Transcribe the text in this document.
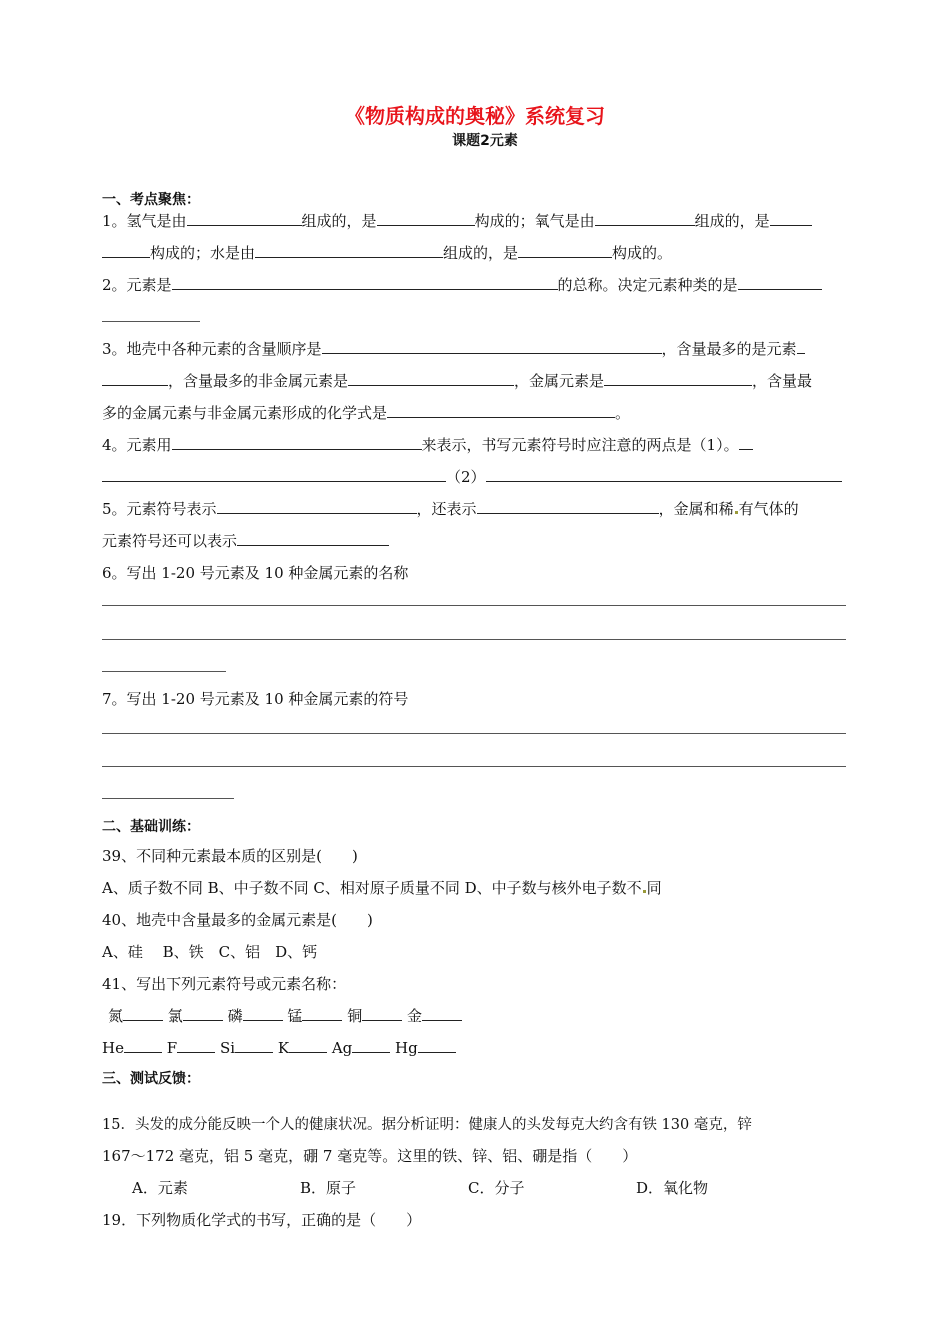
《物质构成的奥秘》系统复习
课题2元素
一、考点聚焦：
1。氢气是由	组成的，是	构成的；氧气是由	组成的，是
构成的；水是由	组成的，是	构成的。
2。元素是	的总称。决定元素种类的是
3。地壳中各种元素的含量顺序是	，含量最多的是元素
，含量最多的非金属元素是	，金属元素是	，含量最
多的金属元素与非金属元素形成的化学式是	。
4。元素用	来表示，书写元素符号时应注意的两点是（1）。
（2）
5。元素符号表示	，还表示	，金属和稀 有气体的
元素符号还可以表示
6。写出 1-20 号元素及 10 种金属元素的名称
7。写出 1-20 号元素及 10 种金属元素的符号
二、基础训练：
39、不同种元素最本质的区别是(　　)
A、质子数不同 B、中子数不同 C、相对原子质量不同 D、中子数与核外电子数不 同
40、地壳中含量最多的金属元素是(　　)
A、硅　 B、铁　C、铝　D、钙
41、写出下列元素符号或元素名称：
氮	氯	磷	锰	铜	金
He	F	Si	K	Ag	Hg
三、测试反馈：
15．头发的成分能反映一个人的健康状况。据分析证明：健康人的头发每克大约含有铁 130 毫克，锌
167～172 毫克，铝 5 毫克，硼 7 毫克等。这里的铁、锌、铝、硼是指（　　）
A．元素	B．原子	C．分子	D．氧化物
19．下列物质化学式的书写，正确的是（　　）
